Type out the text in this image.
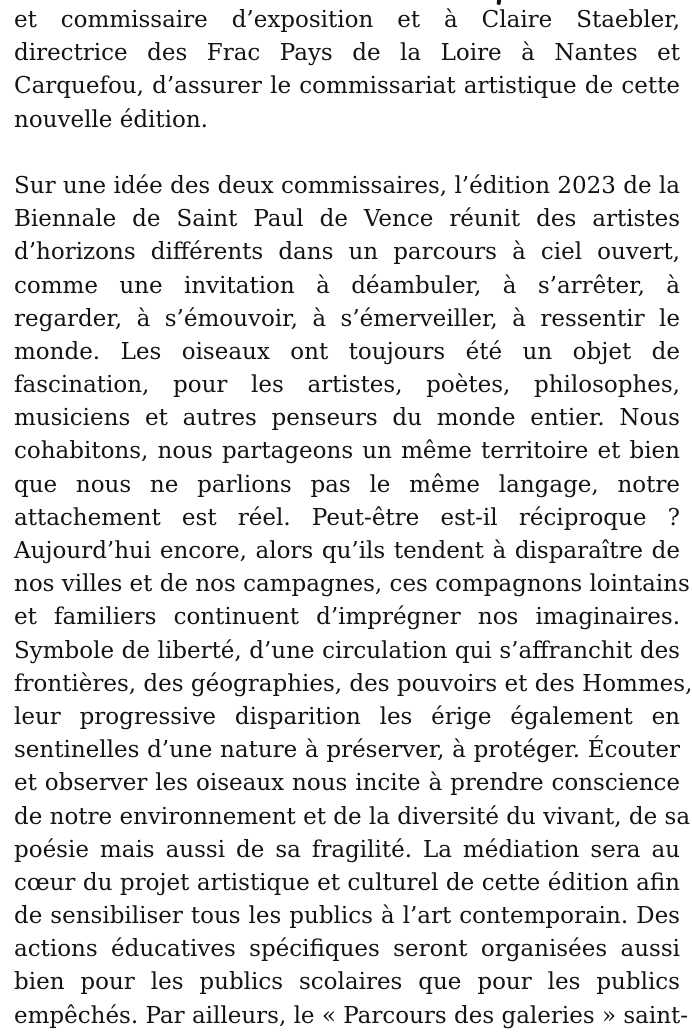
et commissaire d’exposition et à Claire Staebler,
directrice des Frac Pays de la Loire à Nantes et
Carquefou, d’assurer le commissariat artistique de cette
nouvelle édition.
Sur une idée des deux commissaires, l’édition 2023 de la
Biennale de Saint Paul de Vence réunit des artistes
d’horizons différents dans un parcours à ciel ouvert,
comme une invitation à déambuler, à s’arrêter, à
regarder, à s’émouvoir, à s’émerveiller, à ressentir le
monde. Les oiseaux ont toujours été un objet de
fascination, pour les artistes, poètes, philosophes,
musiciens et autres penseurs du monde entier. Nous
cohabitons, nous partageons un même territoire et bien
que nous ne parlions pas le même langage, notre
attachement est réel. Peut-être est-il réciproque ?
Aujourd’hui encore, alors qu’ils tendent à disparaître de
nos villes et de nos campagnes, ces compagnons lointains
et familiers continuent d’imprégner nos imaginaires.
Symbole de liberté, d’une circulation qui s’affranchit des
frontières, des géographies, des pouvoirs et des Hommes,
leur progressive disparition les érige également en
sentinelles d’une nature à préserver, à protéger. Écouter
et observer les oiseaux nous incite à prendre conscience
de notre environnement et de la diversité du vivant, de sa
poésie mais aussi de sa fragilité. La médiation sera au
cœur du projet artistique et culturel de cette édition afin
de sensibiliser tous les publics à l’art contemporain. Des
actions éducatives spécifiques seront organisées aussi
bien pour les publics scolaires que pour les publics
empêchés. Par ailleurs, le « Parcours des galeries » saint-
